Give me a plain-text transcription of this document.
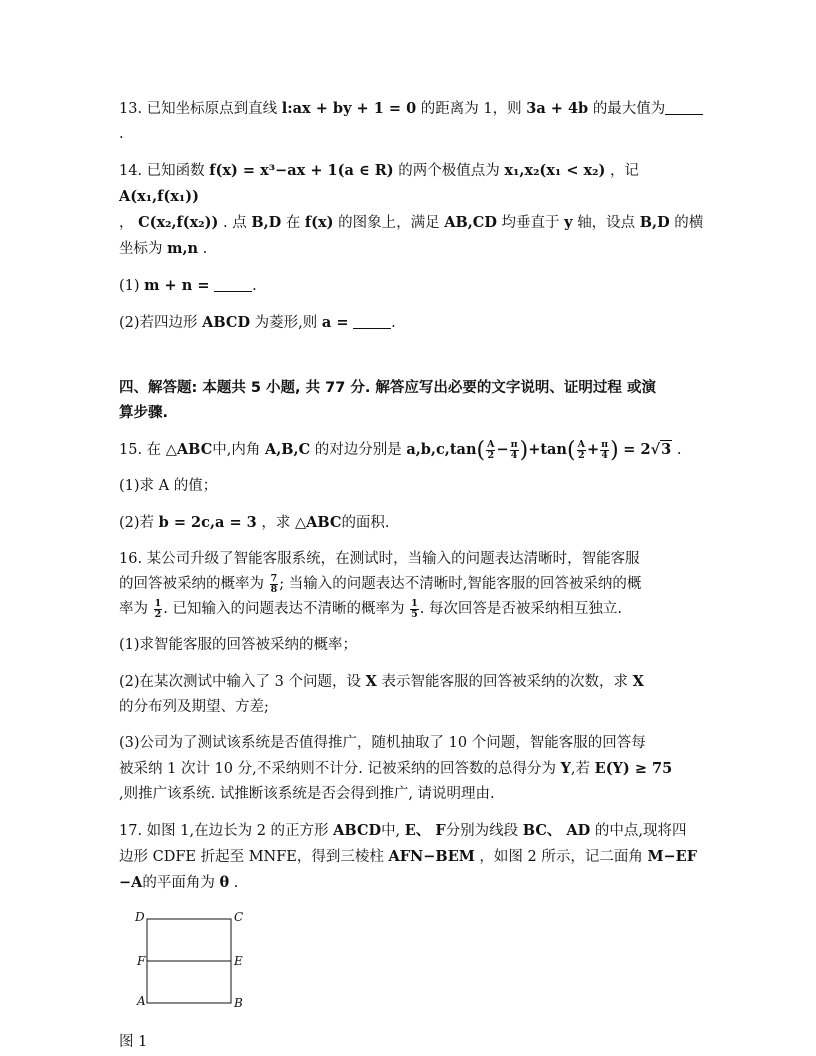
13. 已知坐标原点到直线 l:ax + by + 1 = 0 的距离为 1，则 3a + 4b 的最大值为.

14. 已知函数 f(x) = x³−ax + 1(a ∈ R) 的两个极值点为 x₁,x₂(x₁ < x₂) ，记 A(x₁,f(x₁))

， C(x₂,f(x₂)) . 点 B,D 在 f(x) 的图象上，满足 AB,CD 均垂直于 y 轴，设点 B,D 的横坐标为 m,n .

(1) m + n =	.

(2)若四边形 ABCD 为菱形,则 a =	.

四、解答题: 本题共 5 小题, 共 77 分. 解答应写出必要的文字说明、证明过程 或演

算步骤.

15. 在 △ABC中,内角 A,B,C 的对边分别是 $a,b,c,\tan( \frac{A}{2} - \frac{\pi}{4} )+\tan( \frac{A}{2} + \frac{\pi}{4}$ ) = 2√3 .

(1)求 A 的值；

(2)若 b = 2c,a = 3 ，求 △ABC的面积.

16. 某公司升级了智能客服系统，在测试时，当输入的问题表达清晰时，智能客服

的回答被采纳的概率为 $\frac{7}{8}$ ; 当输入的问题表达不清晰时,智能客服的回答被采纳的概

率为 $\frac{1}{2}$ . 已知输入的问题表达不清晰的概率为 $\frac{1}{5}$ . 每次回答是否被采纳相互独立.

(1)求智能客服的回答被采纳的概率；

(2)在某次测试中输入了 3 个问题，设 X 表示智能客服的回答被采纳的次数，求 X
的分布列及期望、方差;

(3)公司为了测试该系统是否值得推广，随机抽取了 10 个问题，智能客服的回答每
被采纳 1 次计 10 分,不采纳则不计分. 记被采纳的回答数的总得分为 Y,若 E(Y) ≥ 75
,则推广该系统. 试推断该系统是否会得到推广, 请说明理由.

17. 如图 1,在边长为 2 的正方形 ABCD中, E、 F分别为线段 BC、 AD 的中点,现将四
边形 CDFE 折起至 MNFE，得到三棱柱 AFN−BEM ，如图 2 所示，记二面角 M−EF
−A的平面角为 θ .

D	C
F	E
A	B

图 1
